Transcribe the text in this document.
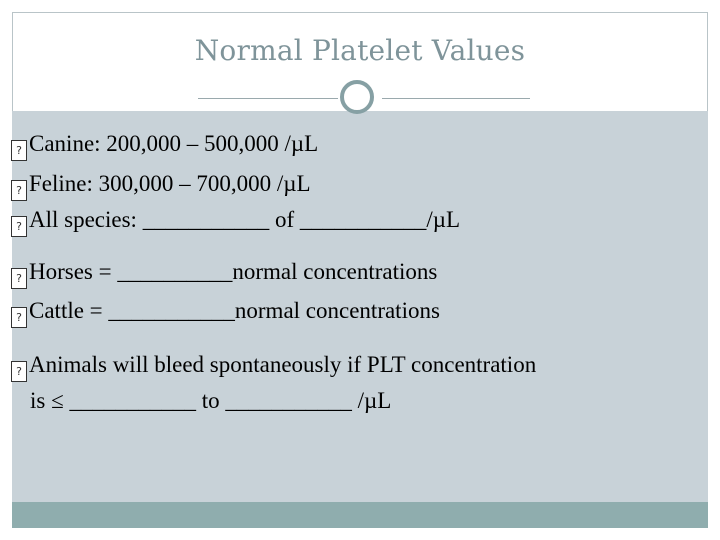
Normal Platelet Values
? Canine: 200,000 – 500,000 /µL
? Feline: 300,000 – 700,000 /µL
? All species: ___________ of ___________/µL
? Horses = __________normal concentrations
? Cattle = ___________normal concentrations
? Animals will bleed spontaneously if PLT concentration
is ≤ ___________ to ___________ /µL
